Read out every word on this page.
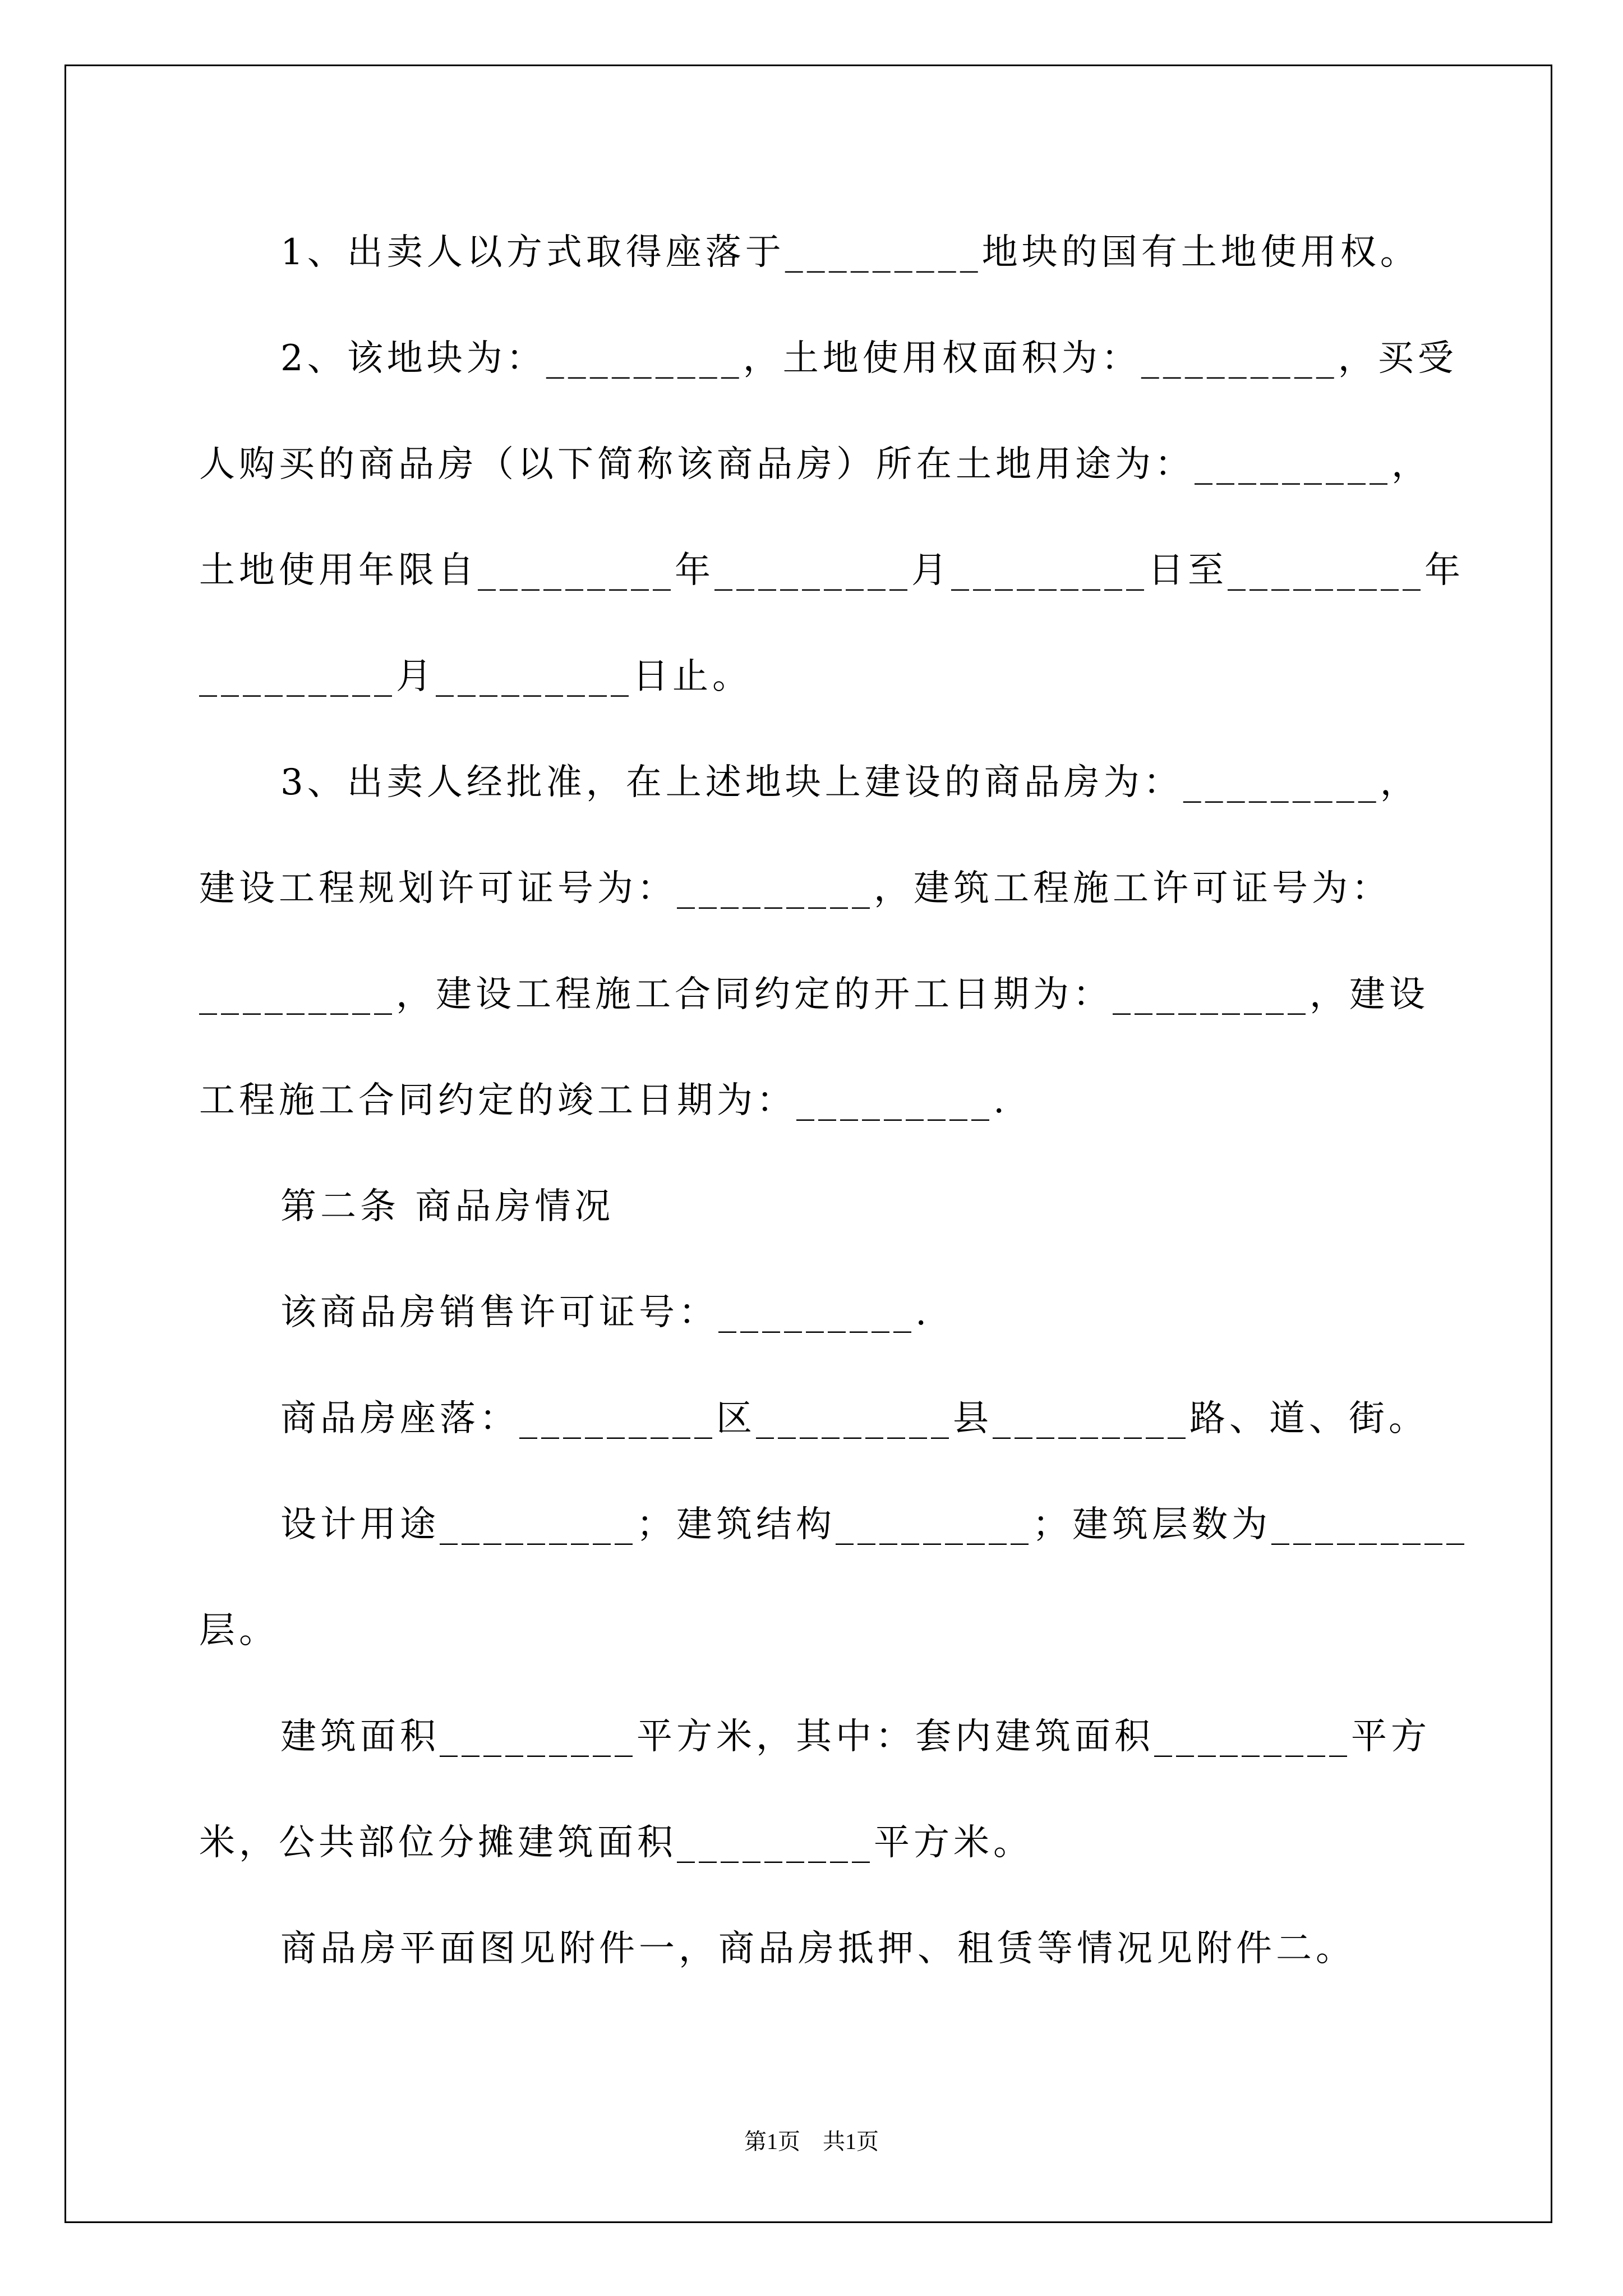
1、出卖人以方式取得座落于_________地块的国有土地使用权。
2、该地块为：_________，土地使用权面积为：_________，买受
人购买的商品房（以下简称该商品房）所在土地用途为：_________，
土地使用年限自_________年_________月_________日至_________年
_________月_________日止。
3、出卖人经批准，在上述地块上建设的商品房为：_________，
建设工程规划许可证号为：_________，建筑工程施工许可证号为：
_________，建设工程施工合同约定的开工日期为：_________，建设
工程施工合同约定的竣工日期为：_________.
第二条 商品房情况
该商品房销售许可证号：_________.
商品房座落：_________区_________县_________路、道、街。
设计用途_________；建筑结构_________；建筑层数为_________
层。
建筑面积_________平方米，其中：套内建筑面积_________平方
米，公共部位分摊建筑面积_________平方米。
商品房平面图见附件一，商品房抵押、租赁等情况见附件二。
第1页　共1页
